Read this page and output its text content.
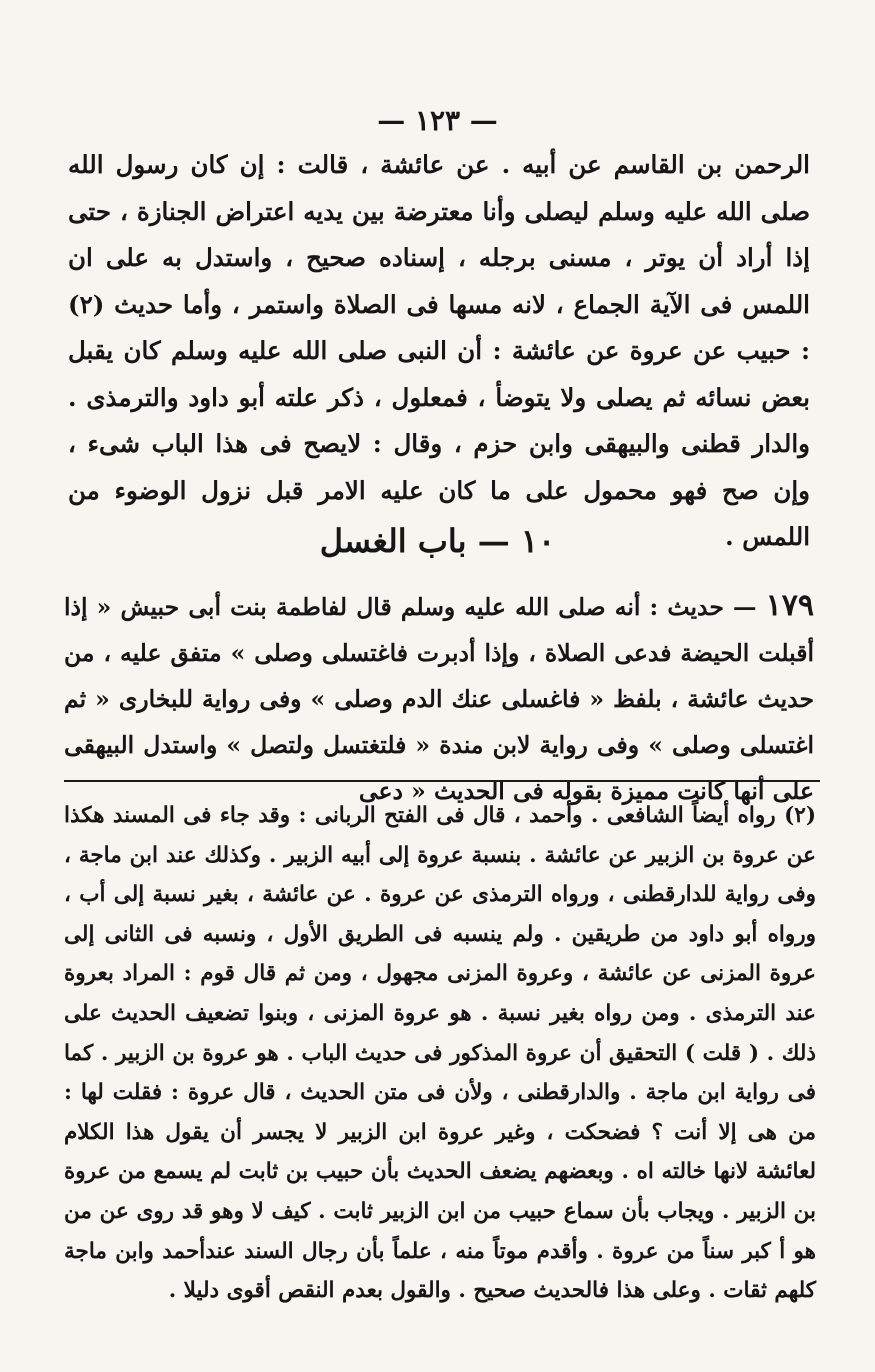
— ١٢٣ —

الرحمن بن القاسم عن أبيه . عن عائشة ، قالت : إن كان رسول الله صلى الله عليه وسلم ليصلى وأنا معترضة بين يديه اعتراض الجنازة ، حتى إذا أراد أن يوتر ، مسنى برجله ، إسناده صحيح ، واستدل به على ان اللمس فى الآية الجماع ، لانه مسها فى الصلاة واستمر ، وأما حديث (٢) : حبيب عن عروة عن عائشة : أن النبى صلى الله عليه وسلم كان يقبل بعض نسائه ثم يصلى ولا يتوضأ ، فمعلول ، ذكر علته أبو داود والترمذى . والدار قطنى والبيهقى وابن حزم ، وقال : لايصح فى هذا الباب شىء ، وإن صح فهو محمول على ما كان عليه الامر قبل نزول الوضوء من اللمس .

١٠ — باب الغسل

١٧٩ — حديث : أنه صلى الله عليه وسلم قال لفاطمة بنت أبى حبيش « إذا أقبلت الحيضة فدعى الصلاة ، وإذا أدبرت فاغتسلى وصلى » متفق عليه ، من حديث عائشة ، بلفظ « فاغسلى عنك الدم وصلى » وفى رواية للبخارى « ثم اغتسلى وصلى » وفى رواية لابن مندة « فلتغتسل ولتصل » واستدل البيهقى على أنها كانت مميزة بقوله فى الحديث « دعى

(٢) رواه أيضاً الشافعى . وأحمد ، قال فى الفتح الربانى : وقد جاء فى المسند هكذا عن عروة بن الزبير عن عائشة . بنسبة عروة إلى أبيه الزبير . وكذلك عند ابن ماجة ، وفى رواية للدارقطنى ، ورواه الترمذى عن عروة . عن عائشة ، بغير نسبة إلى أب ، ورواه أبو داود من طريقين . ولم ينسبه فى الطريق الأول ، ونسبه فى الثانى إلى عروة المزنى عن عائشة ، وعروة المزنى مجهول ، ومن ثم قال قوم : المراد بعروة عند الترمذى . ومن رواه بغير نسبة . هو عروة المزنى ، وبنوا تضعيف الحديث على ذلك . ( قلت ) التحقيق أن عروة المذكور فى حديث الباب . هو عروة بن الزبير . كما فى رواية ابن ماجة . والدارقطنى ، ولأن فى متن الحديث ، قال عروة : فقلت لها : من هى إلا أنت ؟ فضحكت ، وغير عروة ابن الزبير لا يجسر أن يقول هذا الكلام لعائشة لانها خالته اه . وبعضهم يضعف الحديث بأن حبيب بن ثابت لم يسمع من عروة بن الزبير . ويجاب بأن سماع حبيب من ابن الزبير ثابت . كيف لا وهو قد روى عن من هو أ كبر سناً من عروة . وأقدم موتاً منه ، علماً بأن رجال السند عندأحمد وابن ماجة كلهم ثقات . وعلى هذا فالحديث صحيح . والقول بعدم النقص أقوى دليلا .
